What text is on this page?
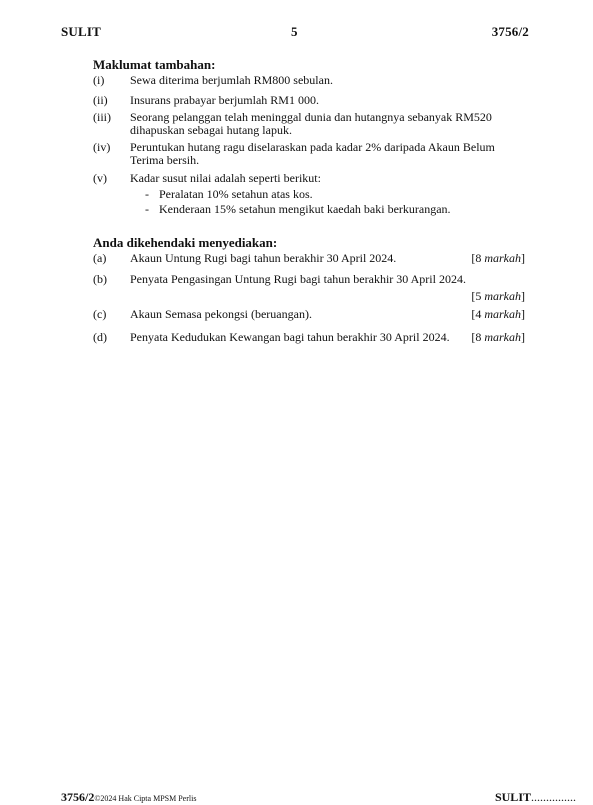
SULIT	5	3756/2
Maklumat tambahan:
(i)	Sewa diterima berjumlah RM800 sebulan.
(ii)	Insurans prabayar berjumlah RM1 000.
(iii)	Seorang pelanggan telah meninggal dunia dan hutangnya sebanyak RM520
dihapuskan sebagai hutang lapuk.
(iv)	Peruntukan hutang ragu diselaraskan pada kadar 2% daripada Akaun Belum
Terima bersih.
(v)	Kadar susut nilai adalah seperti berikut:
- Peralatan 10% setahun atas kos.
- Kenderaan 15% setahun mengikut kaedah baki berkurangan.
Anda dikehendaki menyediakan:
(a)	Akaun Untung Rugi bagi tahun berakhir 30 April 2024.	[8 markah]
(b)	Penyata Pengasingan Untung Rugi bagi tahun berakhir 30 April 2024.
[5 markah]
(c)	Akaun Semasa pekongsi (beruangan).	[4 markah]
(d)	Penyata Kedudukan Kewangan bagi tahun berakhir 30 April 2024.	[8 markah]
3756/2©2024 Hak Cipta MPSM Perlis	SULIT...............
